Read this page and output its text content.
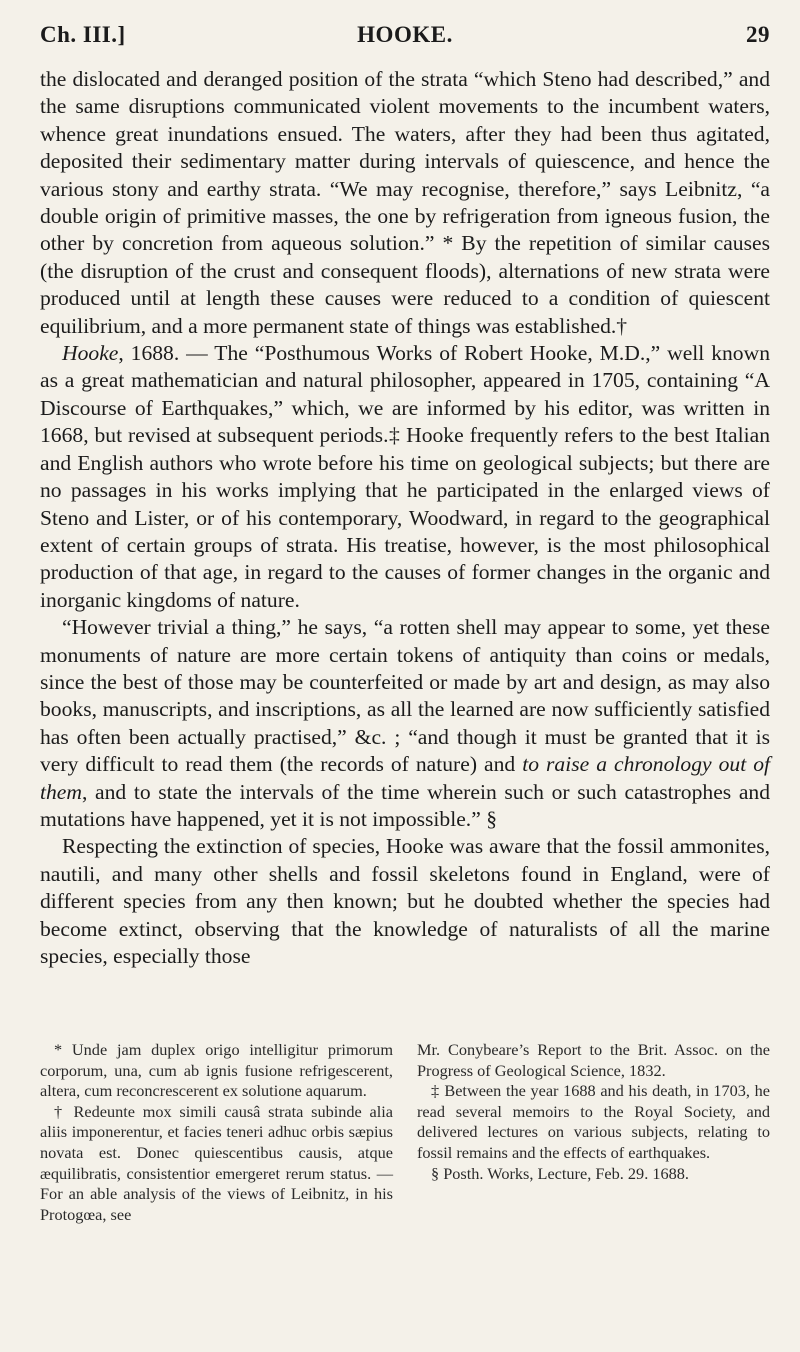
Ch. III.]	HOOKE.	29

the dislocated and deranged position of the strata “which Steno had described,” and the same disruptions communicated violent movements to the incumbent waters, whence great inundations ensued. The waters, after they had been thus agitated, deposited their sedimentary matter during intervals of quiescence, and hence the various stony and earthy strata. “We may recognise, therefore,” says Leibnitz, “a double origin of primitive masses, the one by refrigeration from igneous fusion, the other by concretion from aqueous solution.” * By the repetition of similar causes (the disruption of the crust and consequent floods), alternations of new strata were produced until at length these causes were reduced to a condition of quiescent equilibrium, and a more permanent state of things was established.†

Hooke, 1688. — The “Posthumous Works of Robert Hooke, M.D.,” well known as a great mathematician and natural philosopher, appeared in 1705, containing “A Discourse of Earthquakes,” which, we are informed by his editor, was written in 1668, but revised at subsequent periods.‡ Hooke frequently refers to the best Italian and English authors who wrote before his time on geological subjects; but there are no passages in his works implying that he participated in the enlarged views of Steno and Lister, or of his contemporary, Woodward, in regard to the geographical extent of certain groups of strata. His treatise, however, is the most philosophical production of that age, in regard to the causes of former changes in the organic and inorganic kingdoms of nature.

“However trivial a thing,” he says, “a rotten shell may appear to some, yet these monuments of nature are more certain tokens of antiquity than coins or medals, since the best of those may be counterfeited or made by art and design, as may also books, manuscripts, and inscriptions, as all the learned are now sufficiently satisfied has often been actually practised,” &c. ; “and though it must be granted that it is very difficult to read them (the records of nature) and to raise a chronology out of them, and to state the intervals of the time wherein such or such catastrophes and mutations have happened, yet it is not impossible.” §

Respecting the extinction of species, Hooke was aware that the fossil ammonites, nautili, and many other shells and fossil skeletons found in England, were of different species from any then known; but he doubted whether the species had become extinct, observing that the knowledge of naturalists of all the marine species, especially those

* Unde jam duplex origo intelligitur primorum corporum, una, cum ab ignis fusione refrigescerent, altera, cum reconcrescerent ex solutione aquarum.

† Redeunte mox simili causâ strata subinde alia aliis imponerentur, et facies teneri adhuc orbis sæpius novata est. Donec quiescentibus causis, atque æquilibratis, consistentior emergeret rerum status. — For an able analysis of the views of Leibnitz, in his Protogœa, see

Mr. Conybeare’s Report to the Brit. Assoc. on the Progress of Geological Science, 1832.

‡ Between the year 1688 and his death, in 1703, he read several memoirs to the Royal Society, and delivered lectures on various subjects, relating to fossil remains and the effects of earthquakes.

§ Posth. Works, Lecture, Feb. 29. 1688.
